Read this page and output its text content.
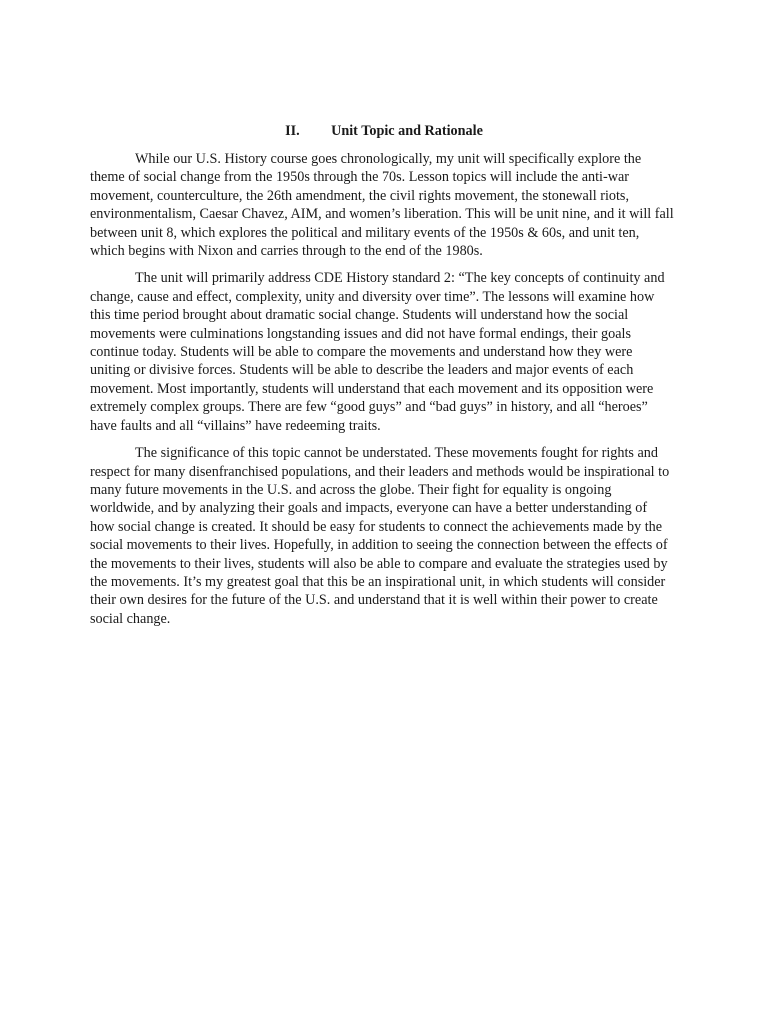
II. Unit Topic and Rationale

While our U.S. History course goes chronologically, my unit will specifically explore the theme of social change from the 1950s through the 70s. Lesson topics will include the anti-war movement, counterculture, the 26th amendment, the civil rights movement, the stonewall riots, environmentalism, Caesar Chavez, AIM, and women’s liberation. This will be unit nine, and it will fall between unit 8, which explores the political and military events of the 1950s & 60s, and unit ten, which begins with Nixon and carries through to the end of the 1980s.

The unit will primarily address CDE History standard 2: “The key concepts of continuity and change, cause and effect, complexity, unity and diversity over time”. The lessons will examine how this time period brought about dramatic social change. Students will understand how the social movements were culminations longstanding issues and did not have formal endings, their goals continue today. Students will be able to compare the movements and understand how they were uniting or divisive forces. Students will be able to describe the leaders and major events of each movement. Most importantly, students will understand that each movement and its opposition were extremely complex groups. There are few “good guys” and “bad guys” in history, and all “heroes” have faults and all “villains” have redeeming traits.

The significance of this topic cannot be understated. These movements fought for rights and respect for many disenfranchised populations, and their leaders and methods would be inspirational to many future movements in the U.S. and across the globe. Their fight for equality is ongoing worldwide, and by analyzing their goals and impacts, everyone can have a better understanding of how social change is created. It should be easy for students to connect the achievements made by the social movements to their lives. Hopefully, in addition to seeing the connection between the effects of the movements to their lives, students will also be able to compare and evaluate the strategies used by the movements. It’s my greatest goal that this be an inspirational unit, in which students will consider their own desires for the future of the U.S. and understand that it is well within their power to create social change.
